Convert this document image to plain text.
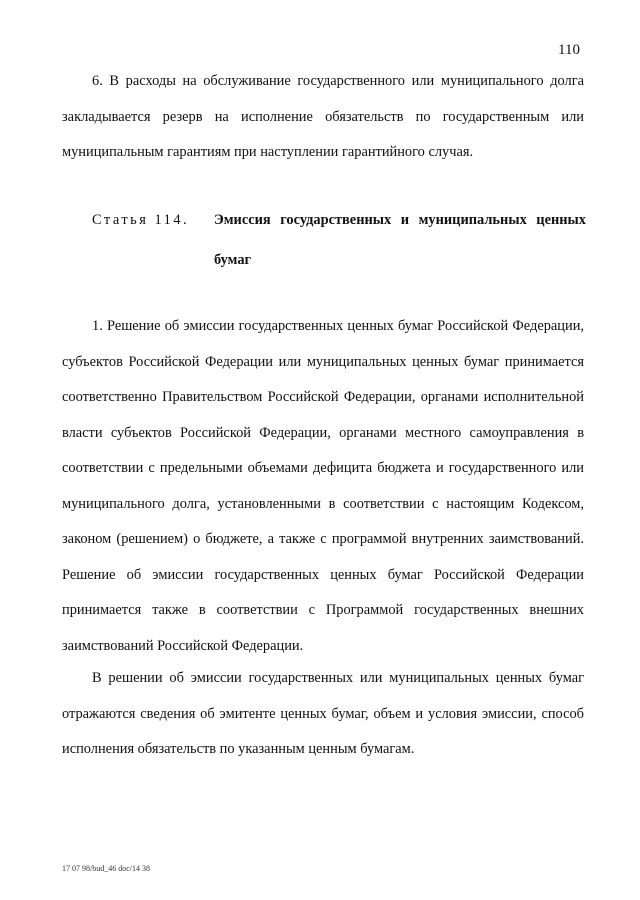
110
6. В расходы на обслуживание государственного или муниципального долга закладывается резерв на исполнение обязательств по государственным или муниципальным гарантиям при наступлении гарантийного случая.
Статья 114. Эмиссия государственных и муниципальных ценных бумаг
1. Решение об эмиссии государственных ценных бумаг Российской Федерации, субъектов Российской Федерации или муниципальных ценных бумаг принимается соответственно Правительством Российской Федерации, органами исполнительной власти субъектов Российской Федерации, органами местного самоуправления в соответствии с предельными объемами дефицита бюджета и государственного или муниципального долга, установленными в соответствии с настоящим Кодексом, законом (решением) о бюджете, а также с программой внутренних заимствований. Решение об эмиссии государственных ценных бумаг Российской Федерации принимается также в соответствии с Программой государственных внешних заимствований Российской Федерации.
В решении об эмиссии государственных или муниципальных ценных бумаг отражаются сведения об эмитенте ценных бумаг, объем и условия эмиссии, способ исполнения обязательств по указанным ценным бумагам.
17 07 98/bud_46 doc/14 38
